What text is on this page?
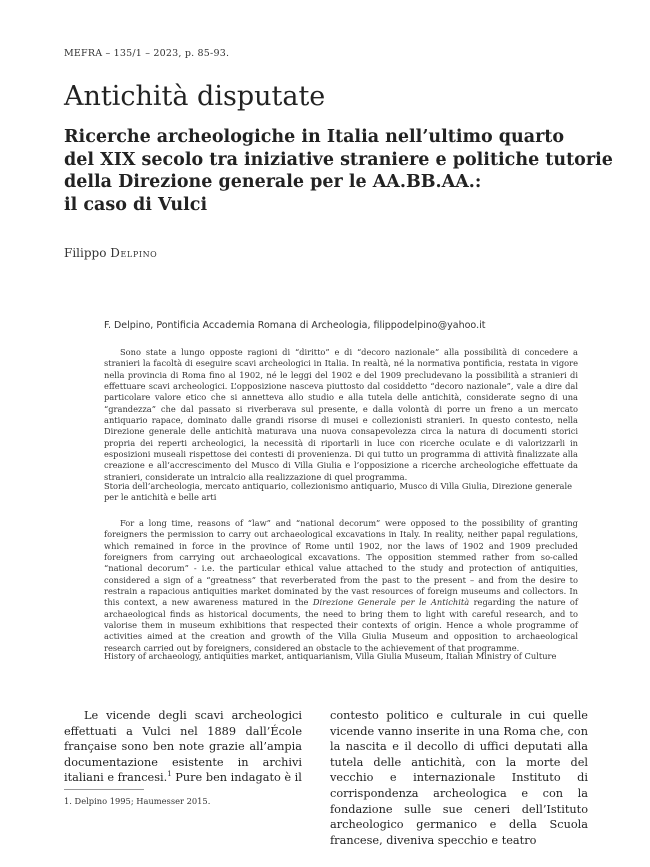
MEFRA – 135/1 – 2023, p. 85-93.
Antichità disputate
Ricerche archeologiche in Italia nell’ultimo quarto
del XIX secolo tra iniziative straniere e politiche tutorie
della Direzione generale per le AA.BB.AA.:
il caso di Vulci
Filippo Delpino
F. Delpino, Pontificia Accademia Romana di Archeologia, filippodelpino@yahoo.it

Sono state a lungo opposte ragioni di “diritto” e di “decoro nazionale” alla possibilità di concedere a stranieri la facoltà di eseguire scavi archeologici in Italia. In realtà, né la normativa pontificia, restata in vigore nella provincia di Roma fino al 1902, né le leggi del 1902 e del 1909 precludevano la possibilità a stranieri di effettuare scavi archeologici. L’opposizione nasceva piuttosto dal cosiddetto “decoro nazionale”, vale a dire dal particolare valore etico che si annetteva allo studio e alla tutela delle antichità, considerate segno di una “grandezza” che dal passato si riverberava sul presente, e dalla volontà di porre un freno a un mercato antiquario rapace, dominato dalle grandi risorse di musei e collezionisti stranieri. In questo contesto, nella Direzione generale delle antichità maturava una nuova consapevolezza circa la natura di documenti storici propria dei reperti archeologici, la necessità di riportarli in luce con ricerche oculate e di valorizzarli in esposizioni museali rispettose dei contesti di provenienza. Di qui tutto un programma di attività finalizzate alla creazione e all’accrescimento del Musco di Villa Giulia e l’opposizione a ricerche archeologiche effettuate da stranieri, considerate un intralcio alla realizzazione di quel programma.

Storia dell’archeologia, mercato antiquario, collezionismo antiquario, Musco di Villa Giulia, Direzione generale per le antichità e belle arti

For a long time, reasons of “law” and “national decorum” were opposed to the possibility of granting foreigners the permission to carry out archaeological excavations in Italy. In reality, neither papal regulations, which remained in force in the province of Rome until 1902, nor the laws of 1902 and 1909 precluded foreigners from carrying out archaeological excavations. The opposition stemmed rather from so-called “national decorum” - i.e. the particular ethical value attached to the study and protection of antiquities, considered a sign of a “greatness” that reverberated from the past to the present – and from the desire to restrain a rapacious antiquities market dominated by the vast resources of foreign museums and collectors. In this context, a new awareness matured in the Direzione Generale per le Antichità regarding the nature of archaeological finds as historical documents, the need to bring them to light with careful research, and to valorise them in museum exhibitions that respected their contexts of origin. Hence a whole programme of activities aimed at the creation and growth of the Villa Giulia Museum and opposition to archaeological research carried out by foreigners, considered an obstacle to the achievement of that programme.

History of archaeology, antiquities market, antiquarianism, Villa Giulia Museum, Italian Ministry of Culture

Le vicende degli scavi archeologici effettuati a Vulci nel 1889 dall’École française sono ben note grazie all’ampia documentazione esistente in archivi italiani e francesi.$^1$ Pure ben indagato è il

contesto politico e culturale in cui quelle vicende vanno inserite in una Roma che, con la nascita e il decollo di uffici deputati alla tutela delle antichità, con la morte del vecchio e internazionale Instituto di corrispondenza archeologica e con la fondazione sulle sue ceneri dell’Istituto archeologico germanico e della Scuola francese, diveniva specchio e teatro

1. Delpino 1995; Haumesser 2015.
